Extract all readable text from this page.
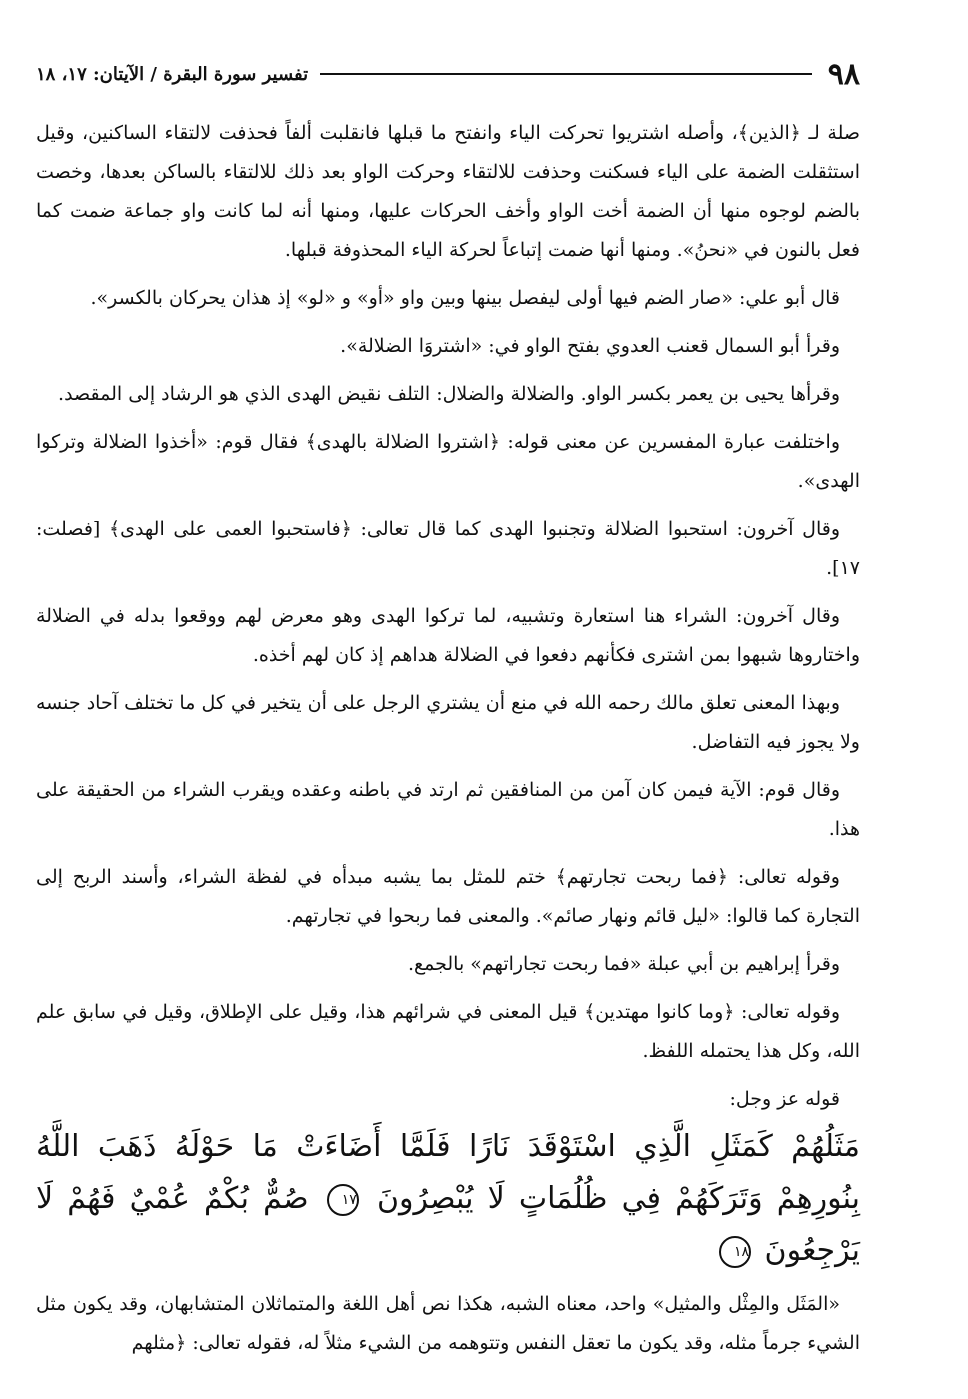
٩٨
تفسير سورة البقرة / الآيتان: ١٧، ١٨

صلة لـ ﴿الذين﴾، وأصله اشتريوا تحركت الياء وانفتح ما قبلها فانقلبت ألفاً فحذفت لالتقاء الساكنين، وقيل استثقلت الضمة على الياء فسكنت وحذفت للالتقاء وحركت الواو بعد ذلك للالتقاء بالساكن بعدها، وخصت بالضم لوجوه منها أن الضمة أخت الواو وأخف الحركات عليها، ومنها أنه لما كانت واو جماعة ضمت كما فعل بالنون في «نحنُ». ومنها أنها ضمت إتباعاً لحركة الياء المحذوفة قبلها.

قال أبو علي: «صار الضم فيها أولى ليفصل بينها وبين واو «أو» و «لو» إذ هذان يحركان بالكسر».

وقرأ أبو السمال قعنب العدوي بفتح الواو في: «اشتروَا الضلالة».

وقرأها يحيى بن يعمر بكسر الواو. والضلالة والضلال: التلف نقيض الهدى الذي هو الرشاد إلى المقصد.

واختلفت عبارة المفسرين عن معنى قوله: ﴿اشتروا الضلالة بالهدى﴾ فقال قوم: «أخذوا الضلالة وتركوا الهدى».

وقال آخرون: استحبوا الضلالة وتجنبوا الهدى كما قال تعالى: ﴿فاستحبوا العمى على الهدى﴾ [فصلت: ١٧].

وقال آخرون: الشراء هنا استعارة وتشبيه، لما تركوا الهدى وهو معرض لهم ووقعوا بدله في الضلالة واختاروها شبهوا بمن اشترى فكأنهم دفعوا في الضلالة هداهم إذ كان لهم أخذه.

وبهذا المعنى تعلق مالك رحمه الله في منع أن يشتري الرجل على أن يتخير في كل ما تختلف آحاد جنسه ولا يجوز فيه التفاضل.

وقال قوم: الآية فيمن كان آمن من المنافقين ثم ارتد في باطنه وعقده ويقرب الشراء من الحقيقة على هذا.

وقوله تعالى: ﴿فما ربحت تجارتهم﴾ ختم للمثل بما يشبه مبدأه في لفظة الشراء، وأسند الربح إلى التجارة كما قالوا: «ليل قائم ونهار صائم». والمعنى فما ربحوا في تجارتهم.

وقرأ إبراهيم بن أبي عبلة «فما ربحت تجاراتهم» بالجمع.

وقوله تعالى: ﴿وما كانوا مهتدين﴾ قيل المعنى في شرائهم هذا، وقيل على الإطلاق، وقيل في سابق علم الله، وكل هذا يحتمله اللفظ.

قوله عز وجل:

مَثَلُهُمْ كَمَثَلِ الَّذِي اسْتَوْقَدَ نَارًا فَلَمَّا أَضَاءَتْ مَا حَوْلَهُ ذَهَبَ اللَّهُ بِنُورِهِمْ وَتَرَكَهُمْ فِي ظُلُمَاتٍ لَا يُبْصِرُونَ ١٧ صُمٌّ بُكْمٌ عُمْيٌ فَهُمْ لَا يَرْجِعُونَ ١٨

«المَثَل والمِثْل والمثيل» واحد، معناه الشبه، هكذا نص أهل اللغة والمتماثلان المتشابهان، وقد يكون مثل الشيء جرماً مثله، وقد يكون ما تعقل النفس وتتوهمه من الشيء مثلاً له، فقوله تعالى: ﴿مثلهم
